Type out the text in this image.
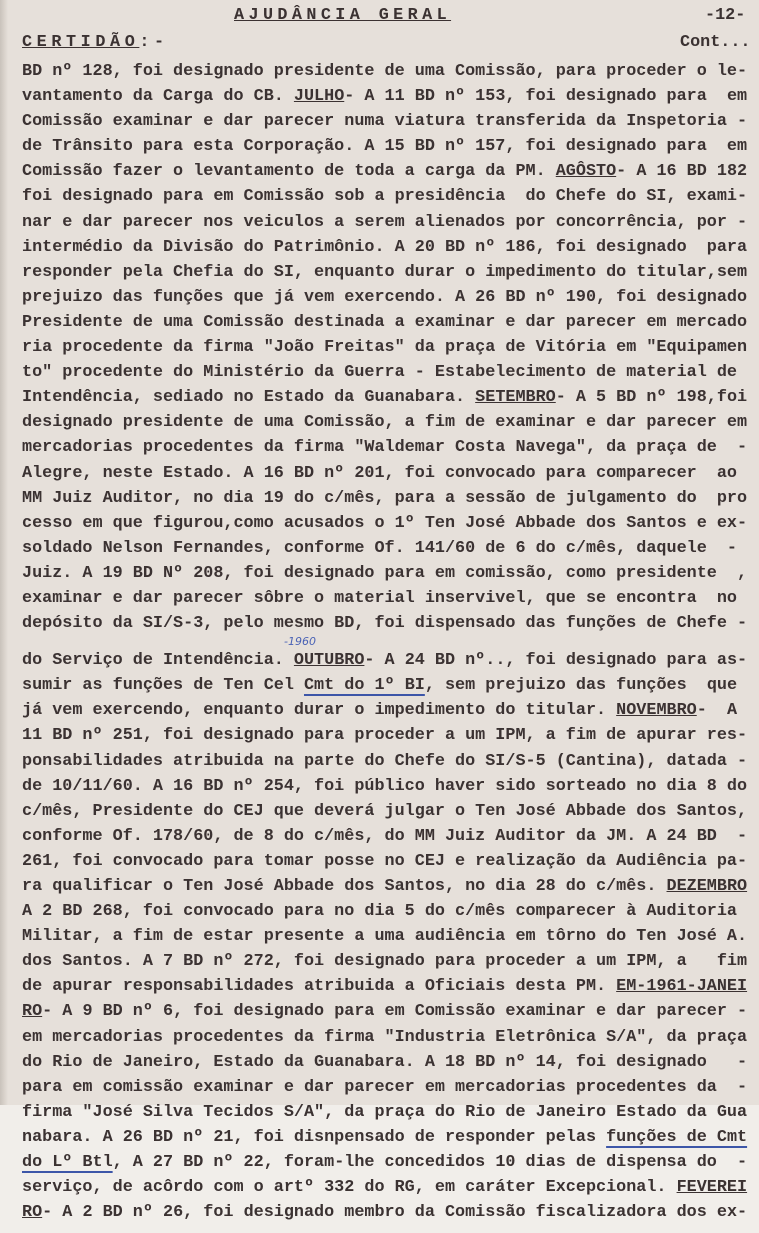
AJUDÂNCIA GERAL	-12-
CERTIDÃO:-	Cont...
BD nº 128, foi designado presidente de uma Comissão, para proceder o le-
vantamento da Carga do CB. JULHO- A 11 BD nº 153, foi designado para  em
Comissão examinar e dar parecer numa viatura transferida da Inspetoria -
de Trânsito para esta Corporação. A 15 BD nº 157, foi designado para  em
Comissão fazer o levantamento de toda a carga da PM. AGÔSTO- A 16 BD 182
foi designado para em Comissão sob a presidência  do Chefe do SI, exami-
nar e dar parecer nos veiculos a serem alienados por concorrência, por -
intermédio da Divisão do Patrimônio. A 20 BD nº 186, foi designado  para
responder pela Chefia do SI, enquanto durar o impedimento do titular,sem
prejuizo das funções que já vem exercendo. A 26 BD nº 190, foi designado
Presidente de uma Comissão destinada a examinar e dar parecer em mercado
ria procedente da firma "João Freitas" da praça de Vitória em "Equipamen
to" procedente do Ministério da Guerra - Estabelecimento de material de
Intendência, sediado no Estado da Guanabara. SETEMBRO- A 5 BD nº 198,foi
designado presidente de uma Comissão, a fim de examinar e dar parecer em
mercadorias procedentes da firma "Waldemar Costa Navega", da praça de  -
Alegre, neste Estado. A 16 BD nº 201, foi convocado para comparecer  ao
MM Juiz Auditor, no dia 19 do c/mês, para a sessão de julgamento do  pro
cesso em que figurou,como acusados o 1º Ten José Abbade dos Santos e ex-
soldado Nelson Fernandes, conforme Of. 141/60 de 6 do c/mês, daquele  -
Juiz. A 19 BD Nº 208, foi designado para em comissão, como presidente  ,
examinar e dar parecer sôbre o material inservivel, que se encontra  no
depósito da SI/S-3, pelo mesmo BD, foi dispensado das funções de Chefe -
-1960
do Serviço de Intendência. OUTUBRO- A 24 BD nº.., foi designado para as-
sumir as funções de Ten Cel Cmt do 1º BI, sem prejuizo das funções  que
já vem exercendo, enquanto durar o impedimento do titular. NOVEMBRO-  A
11 BD nº 251, foi designado para proceder a um IPM, a fim de apurar res-
ponsabilidades atribuida na parte do Chefe do SI/S-5 (Cantina), datada -
de 10/11/60. A 16 BD nº 254, foi público haver sido sorteado no dia 8 do
c/mês, Presidente do CEJ que deverá julgar o Ten José Abbade dos Santos,
conforme Of. 178/60, de 8 do c/mês, do MM Juiz Auditor da JM. A 24 BD  -
261, foi convocado para tomar posse no CEJ e realização da Audiência pa-
ra qualificar o Ten José Abbade dos Santos, no dia 28 do c/mês. DEZEMBRO
A 2 BD 268, foi convocado para no dia 5 do c/mês comparecer à Auditoria
Militar, a fim de estar presente a uma audiência em tôrno do Ten José A.
dos Santos. A 7 BD nº 272, foi designado para proceder a um IPM, a   fim
de apurar responsabilidades atribuida a Oficiais desta PM. EM-1961-JANEI
RO- A 9 BD nº 6, foi designado para em Comissão examinar e dar parecer -
em mercadorias procedentes da firma "Industria Eletrônica S/A", da praça
do Rio de Janeiro, Estado da Guanabara. A 18 BD nº 14, foi designado   -
para em comissão examinar e dar parecer em mercadorias procedentes da  -
firma "José Silva Tecidos S/A", da praça do Rio de Janeiro Estado da Gua
nabara. A 26 BD nº 21, foi disnpensado de responder pelas funções de Cmt
do Lº Btl, A 27 BD nº 22, foram-lhe concedidos 10 dias de dispensa do  -
serviço, de acôrdo com o artº 332 do RG, em caráter Excepcional. FEVEREI
RO- A 2 BD nº 26, foi designado membro da Comissão fiscalizadora dos ex-
